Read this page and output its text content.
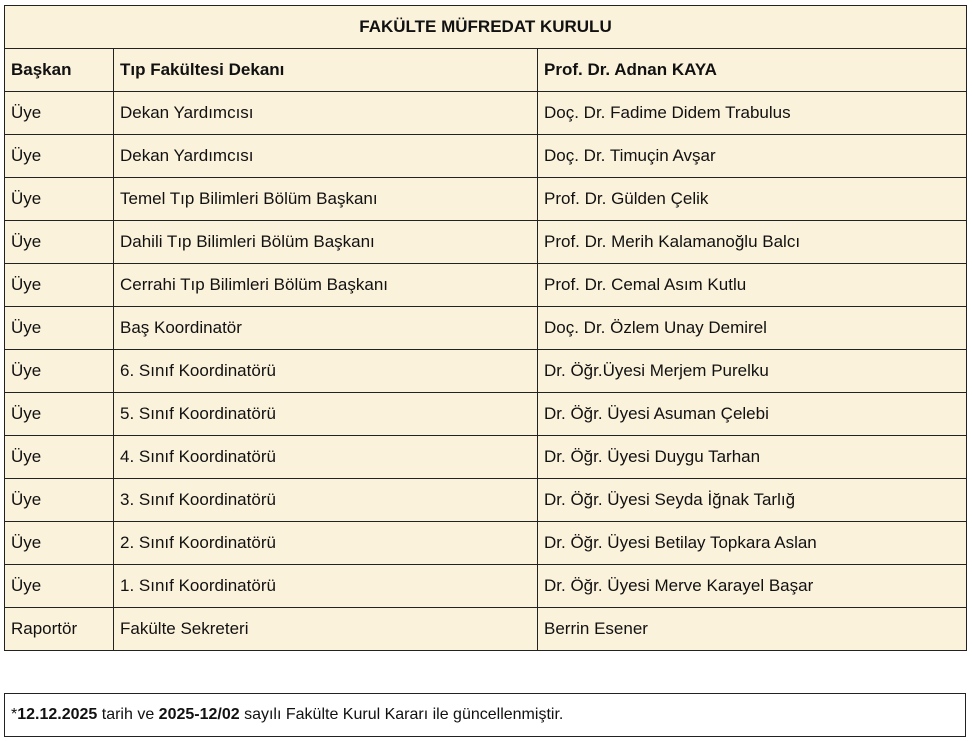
FAKÜLTE MÜFREDAT KURULU		
Başkan	Tıp Fakültesi Dekanı	Prof. Dr. Adnan KAYA
Üye	Dekan Yardımcısı	Doç. Dr. Fadime Didem Trabulus
Üye	Dekan Yardımcısı	Doç. Dr. Timuçin Avşar
Üye	Temel Tıp Bilimleri Bölüm Başkanı	Prof. Dr. Gülden Çelik
Üye	Dahili Tıp Bilimleri Bölüm Başkanı	Prof. Dr. Merih Kalamanoğlu Balcı
Üye	Cerrahi Tıp Bilimleri Bölüm Başkanı	Prof. Dr. Cemal Asım Kutlu
Üye	Baş Koordinatör	Doç. Dr. Özlem Unay Demirel
Üye	6. Sınıf Koordinatörü	Dr. Öğr.Üyesi Merjem Purelku
Üye	5. Sınıf Koordinatörü	Dr. Öğr. Üyesi Asuman Çelebi
Üye	4. Sınıf Koordinatörü	Dr. Öğr. Üyesi Duygu Tarhan
Üye	3. Sınıf Koordinatörü	Dr. Öğr. Üyesi Seyda İğnak Tarlığ
Üye	2. Sınıf Koordinatörü	Dr. Öğr. Üyesi Betilay Topkara Aslan
Üye	1. Sınıf Koordinatörü	Dr. Öğr. Üyesi Merve Karayel Başar
Raportör	Fakülte Sekreteri	Berrin Esener
*12.12.2025 tarih ve 2025-12/02 sayılı Fakülte Kurul Kararı ile güncellenmiştir.
